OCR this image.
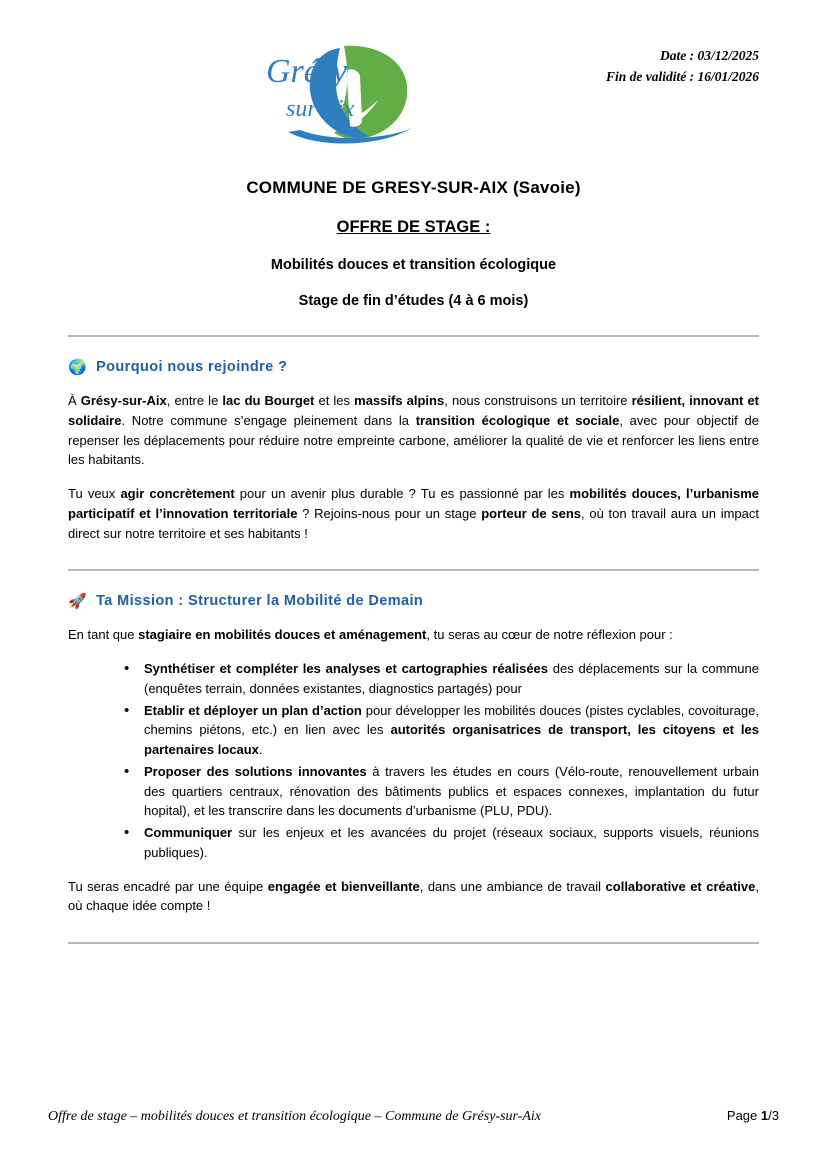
Grésy
sur Aix
Date : 03/12/2025
Fin de validité : 16/01/2026
COMMUNE DE GRESY-SUR-AIX (Savoie)
OFFRE DE STAGE :
Mobilités douces et transition écologique
Stage de fin d’études (4 à 6 mois)
🌍 Pourquoi nous rejoindre ?

À Grésy-sur-Aix, entre le lac du Bourget et les massifs alpins, nous construisons un territoire résilient, innovant et solidaire. Notre commune s’engage pleinement dans la transition écologique et sociale, avec pour objectif de repenser les déplacements pour réduire notre empreinte carbone, améliorer la qualité de vie et renforcer les liens entre les habitants.

Tu veux agir concrètement pour un avenir plus durable ? Tu es passionné par les mobilités douces, l’urbanisme participatif et l’innovation territoriale ? Rejoins-nous pour un stage porteur de sens, où ton travail aura un impact direct sur notre territoire et ses habitants !

🚀 Ta Mission : Structurer la Mobilité de Demain

En tant que stagiaire en mobilités douces et aménagement, tu seras au cœur de notre réflexion pour :

• Synthétiser et compléter les analyses et cartographies réalisées des déplacements sur la commune (enquêtes terrain, données existantes, diagnostics partagés) pour
• Etablir et déployer un plan d’action pour développer les mobilités douces (pistes cyclables, covoiturage, chemins piétons, etc.) en lien avec les autorités organisatrices de transport, les citoyens et les partenaires locaux.
• Proposer des solutions innovantes à travers les études en cours (Vélo-route, renouvellement urbain des quartiers centraux, rénovation des bâtiments publics et espaces connexes, implantation du futur hopital), et les transcrire dans les documents d’urbanisme (PLU, PDU).
• Communiquer sur les enjeux et les avancées du projet (réseaux sociaux, supports visuels, réunions publiques).

Tu seras encadré par une équipe engagée et bienveillante, dans une ambiance de travail collaborative et créative, où chaque idée compte !

Offre de stage – mobilités douces et transition écologique – Commune de Grésy-sur-Aix	Page 1/3
